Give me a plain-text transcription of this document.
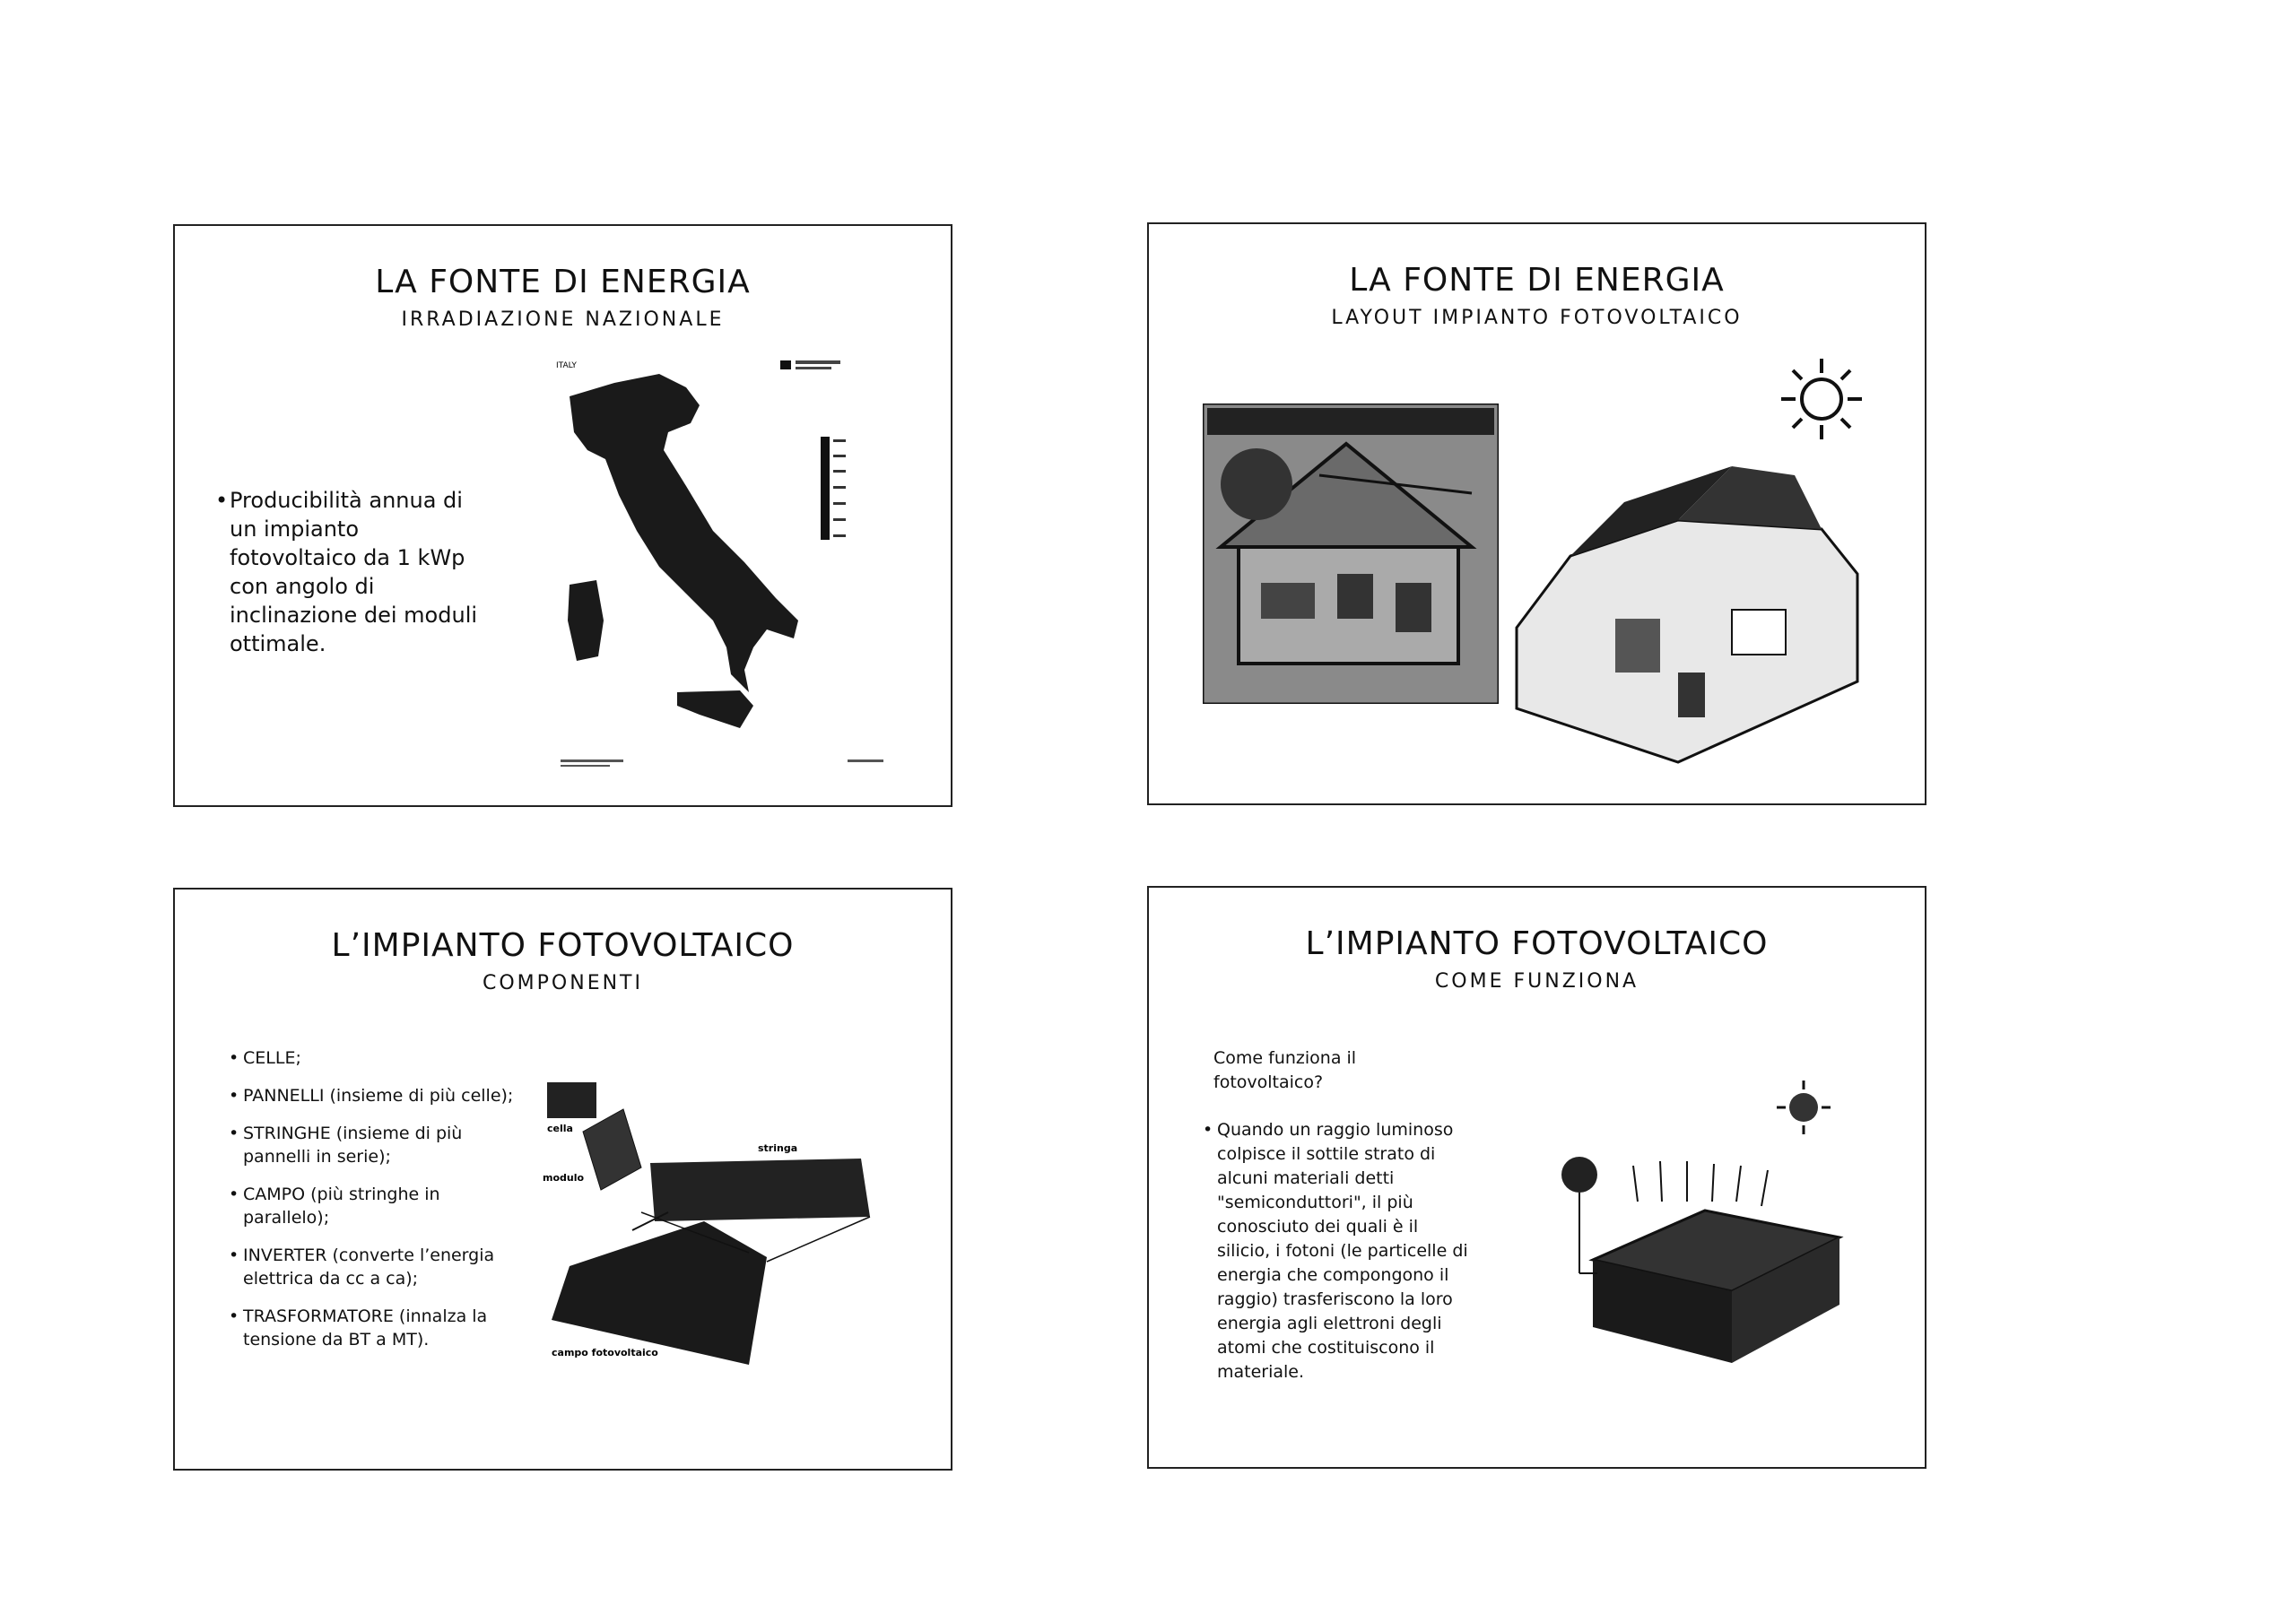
LA FONTE DI ENERGIA
IRRADIAZIONE NAZIONALE
• Producibilità annua di un impianto fotovoltaico da 1 kWp con angolo di inclinazione dei moduli ottimale.
ITALY
LA FONTE DI ENERGIA
LAYOUT IMPIANTO FOTOVOLTAICO
L’IMPIANTO FOTOVOLTAICO
COMPONENTI
• CELLE;
• PANNELLI (insieme di più celle);
• STRINGHE (insieme di più pannelli in serie);
• CAMPO (più stringhe in parallelo);
• INVERTER (converte l’energia elettrica da cc a ca);
• TRASFORMATORE (innalza la tensione da BT a MT).
cella
modulo
stringa
campo fotovoltaico
L’IMPIANTO FOTOVOLTAICO
COME FUNZIONA
Come funziona il fotovoltaico?
• Quando un raggio luminoso colpisce il sottile strato di alcuni materiali detti "semiconduttori", il più conosciuto dei quali è il silicio, i fotoni (le particelle di energia che compongono il raggio) trasferiscono la loro energia agli elettroni degli atomi che costituiscono il materiale.
